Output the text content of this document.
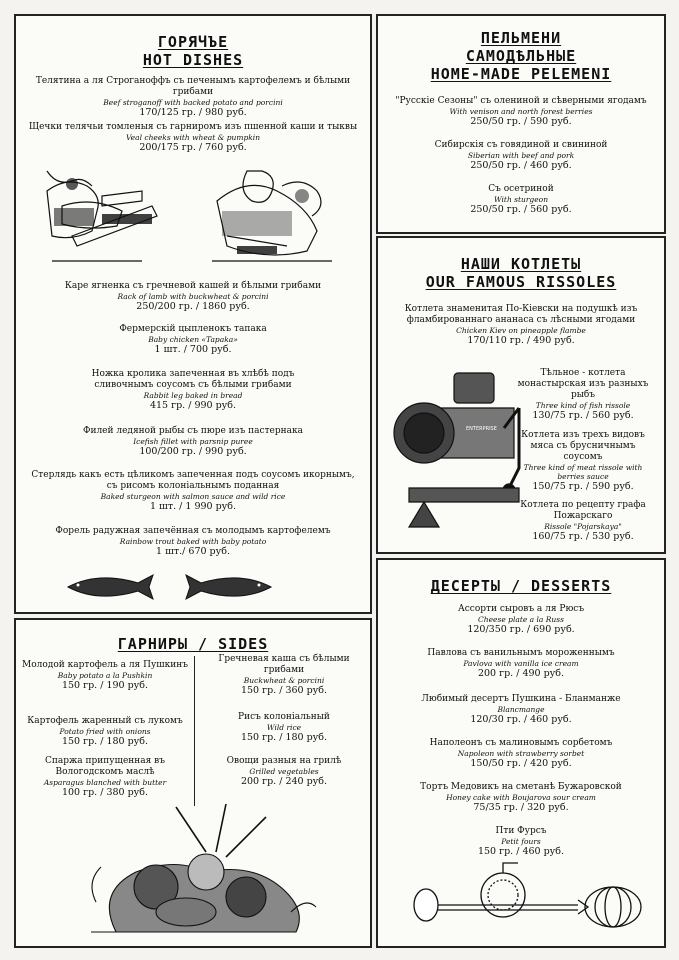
ГОРЯЧЪЕ
HOT DISHES
Телятина а ля Строганоффъ съ печенымъ картофелемъ и бѣлыми грибами
Beef stroganoff with backed potato and porcini
170/125 гр. / 980 руб.
Щечки телячьи томленыя съ гарниромъ изъ пшенной каши и тыквы
Veal cheeks with wheat & pumpkin
200/175 гр. / 760 руб.
Каре ягненка съ гречневой кашей и бѣлыми грибами
Rack of lamb with buckwheat & porcini
250/200 гр. / 1860 руб.
Фермерскiй цыпленокъ тапака
Baby chicken «Tapaka»
1 шт. / 700 руб.
Ножка кролика запеченная въ хлѣбѣ подъ сливочнымъ соусомъ съ бѣлыми грибами
Rabbit leg baked in bread
415 гр. / 990 руб.
Филей ледяной рыбы съ пюре изъ пастернака
Icefish fillet with parsnip puree
100/200 гр. / 990 руб.
Стерлядь какъ есть цѣликомъ запеченная подъ соусомъ икорнымъ, съ рисомъ колоніальнымъ поданная
Baked sturgeon with salmon sauce and wild rice
1 шт. / 1 990 руб.
Форель радужная запечённая съ молодымъ картофелемъ
Rainbow trout baked with baby potato
1 шт./ 670 руб.
ПЕЛЬМЕНИ
САМОДѢЛЬНЫЕ
HOME-MADE PELEMENI
"Русскіе Сезоны" съ олениной и сѣверными ягодамъ
With venison and north forest berries
250/50 гр. / 590 руб.
Сибирскiя съ говядиной и свининой
Siberian with beef and pork
250/50 гр. / 460 руб.
Съ осетриной
With sturgeon
250/50 гр. / 560 руб.
НАШИ КОТЛЕТЫ
OUR FAMOUS RISSOLES
Котлета знаменитая По-Кiевски на подушкѣ изъ фламбированнаго ананаса съ лѣсными ягодами
Chicken Kiev on pineapple flambe
170/110 гр. / 490 руб.
Тѣльное - котлета монастырская изъ разныхъ рыбъ
Three kind of fish rissole
130/75 гр. / 560 руб.
Котлета изъ трехъ видовъ мяса съ брусничнымъ соусомъ
Three kind of meat rissole with berries sauce
150/75 гр. / 590 руб.
Котлета по рецепту графа Пожарскаго
Rissole "Pojarskaya"
160/75 гр. / 530 руб.
ENTERPRISE
ГАРНИРЫ / SIDES
Молодой картофель а ля Пушкинъ
Baby potato a la Pushkin
150 гр. / 190 руб.
Картофель жаренный съ лукомъ
Potato fried with onions
150 гр. / 180 руб.
Спаржа припущенная въ Вологодскомъ маслѣ
Asparagus blanched with butter
100 гр. / 380 руб.
Гречневая каша съ бѣлыми грибами
Buckwheat & porcini
150 гр. / 360 руб.
Рисъ колоніальный
Wild rice
150 гр. / 180 руб.
Овощи разныя на грилѣ
Grilled vegetables
200 гр. / 240 руб.
ДЕСЕРТЫ / DESSERTS
Ассорти сыровъ а ля Рюсъ
Cheese plate a la Russ
120/350 гр. / 690 руб.
Павлова съ ванильнымъ мороженнымъ
Pavlova with vanilla ice cream
200 гр. / 490 руб.
Любимый десертъ Пушкина - Бланманже
Blancmange
120/30 гр. / 460 руб.
Наполеонъ съ малиновымъ сорбетомъ
Napoleon with strawberry sorbet
150/50 гр. / 420 руб.
Тортъ Медовикъ на сметанѣ Бужаровской
Honey cake with Boujarova sour cream
75/35 гр. / 320 руб.
Пти Фурсъ
Petit fours
150 гр. / 460 руб.
